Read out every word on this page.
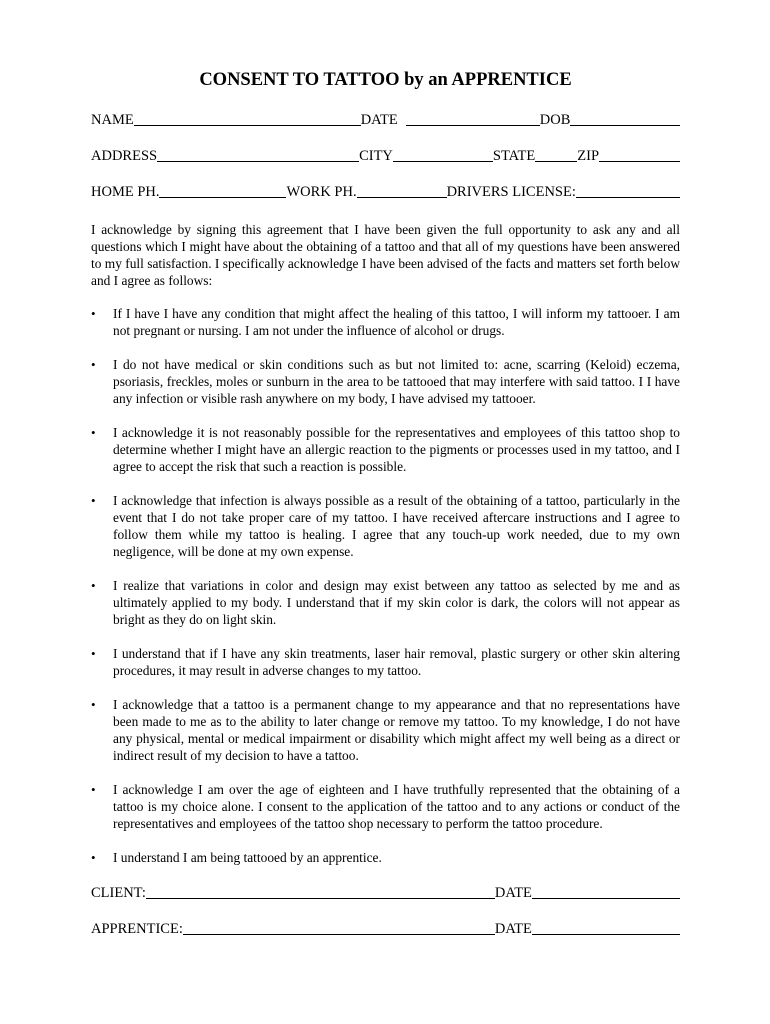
CONSENT TO TATTOO by an APPRENTICE
NAME	DATE	DOB
ADDRESS	CITY	STATE	ZIP
HOME PH.	WORK PH.	DRIVERS LICENSE:
I acknowledge by signing this agreement that I have been given the full opportunity to ask any and all questions which I might have about the obtaining of a tattoo and that all of my questions have been answered to my full satisfaction. I specifically acknowledge I have been advised of the facts and matters set forth below and I agree as follows:
• If I have I have any condition that might affect the healing of this tattoo, I will inform my tattooer. I am not pregnant or nursing. I am not under the influence of alcohol or drugs.
• I do not have medical or skin conditions such as but not limited to: acne, scarring (Keloid) eczema, psoriasis, freckles, moles or sunburn in the area to be tattooed that may interfere with said tattoo. I I have any infection or visible rash anywhere on my body, I have advised my tattooer.
• I acknowledge it is not reasonably possible for the representatives and employees of this tattoo shop to determine whether I might have an allergic reaction to the pigments or processes used in my tattoo, and I agree to accept the risk that such a reaction is possible.
• I acknowledge that infection is always possible as a result of the obtaining of a tattoo, particularly in the event that I do not take proper care of my tattoo. I have received aftercare instructions and I agree to follow them while my tattoo is healing. I agree that any touch-up work needed, due to my own negligence, will be done at my own expense.
• I realize that variations in color and design may exist between any tattoo as selected by me and as ultimately applied to my body. I understand that if my skin color is dark, the colors will not appear as bright as they do on light skin.
• I understand that if I have any skin treatments, laser hair removal, plastic surgery or other skin altering procedures, it may result in adverse changes to my tattoo.
• I acknowledge that a tattoo is a permanent change to my appearance and that no representations have been made to me as to the ability to later change or remove my tattoo. To my knowledge, I do not have any physical, mental or medical impairment or disability which might affect my well being as a direct or indirect result of my decision to have a tattoo.
• I acknowledge I am over the age of eighteen and I have truthfully represented that the obtaining of a tattoo is my choice alone. I consent to the application of the tattoo and to any actions or conduct of the representatives and employees of the tattoo shop necessary to perform the tattoo procedure.
• I understand I am being tattooed by an apprentice.
CLIENT:	DATE
APPRENTICE:	DATE
